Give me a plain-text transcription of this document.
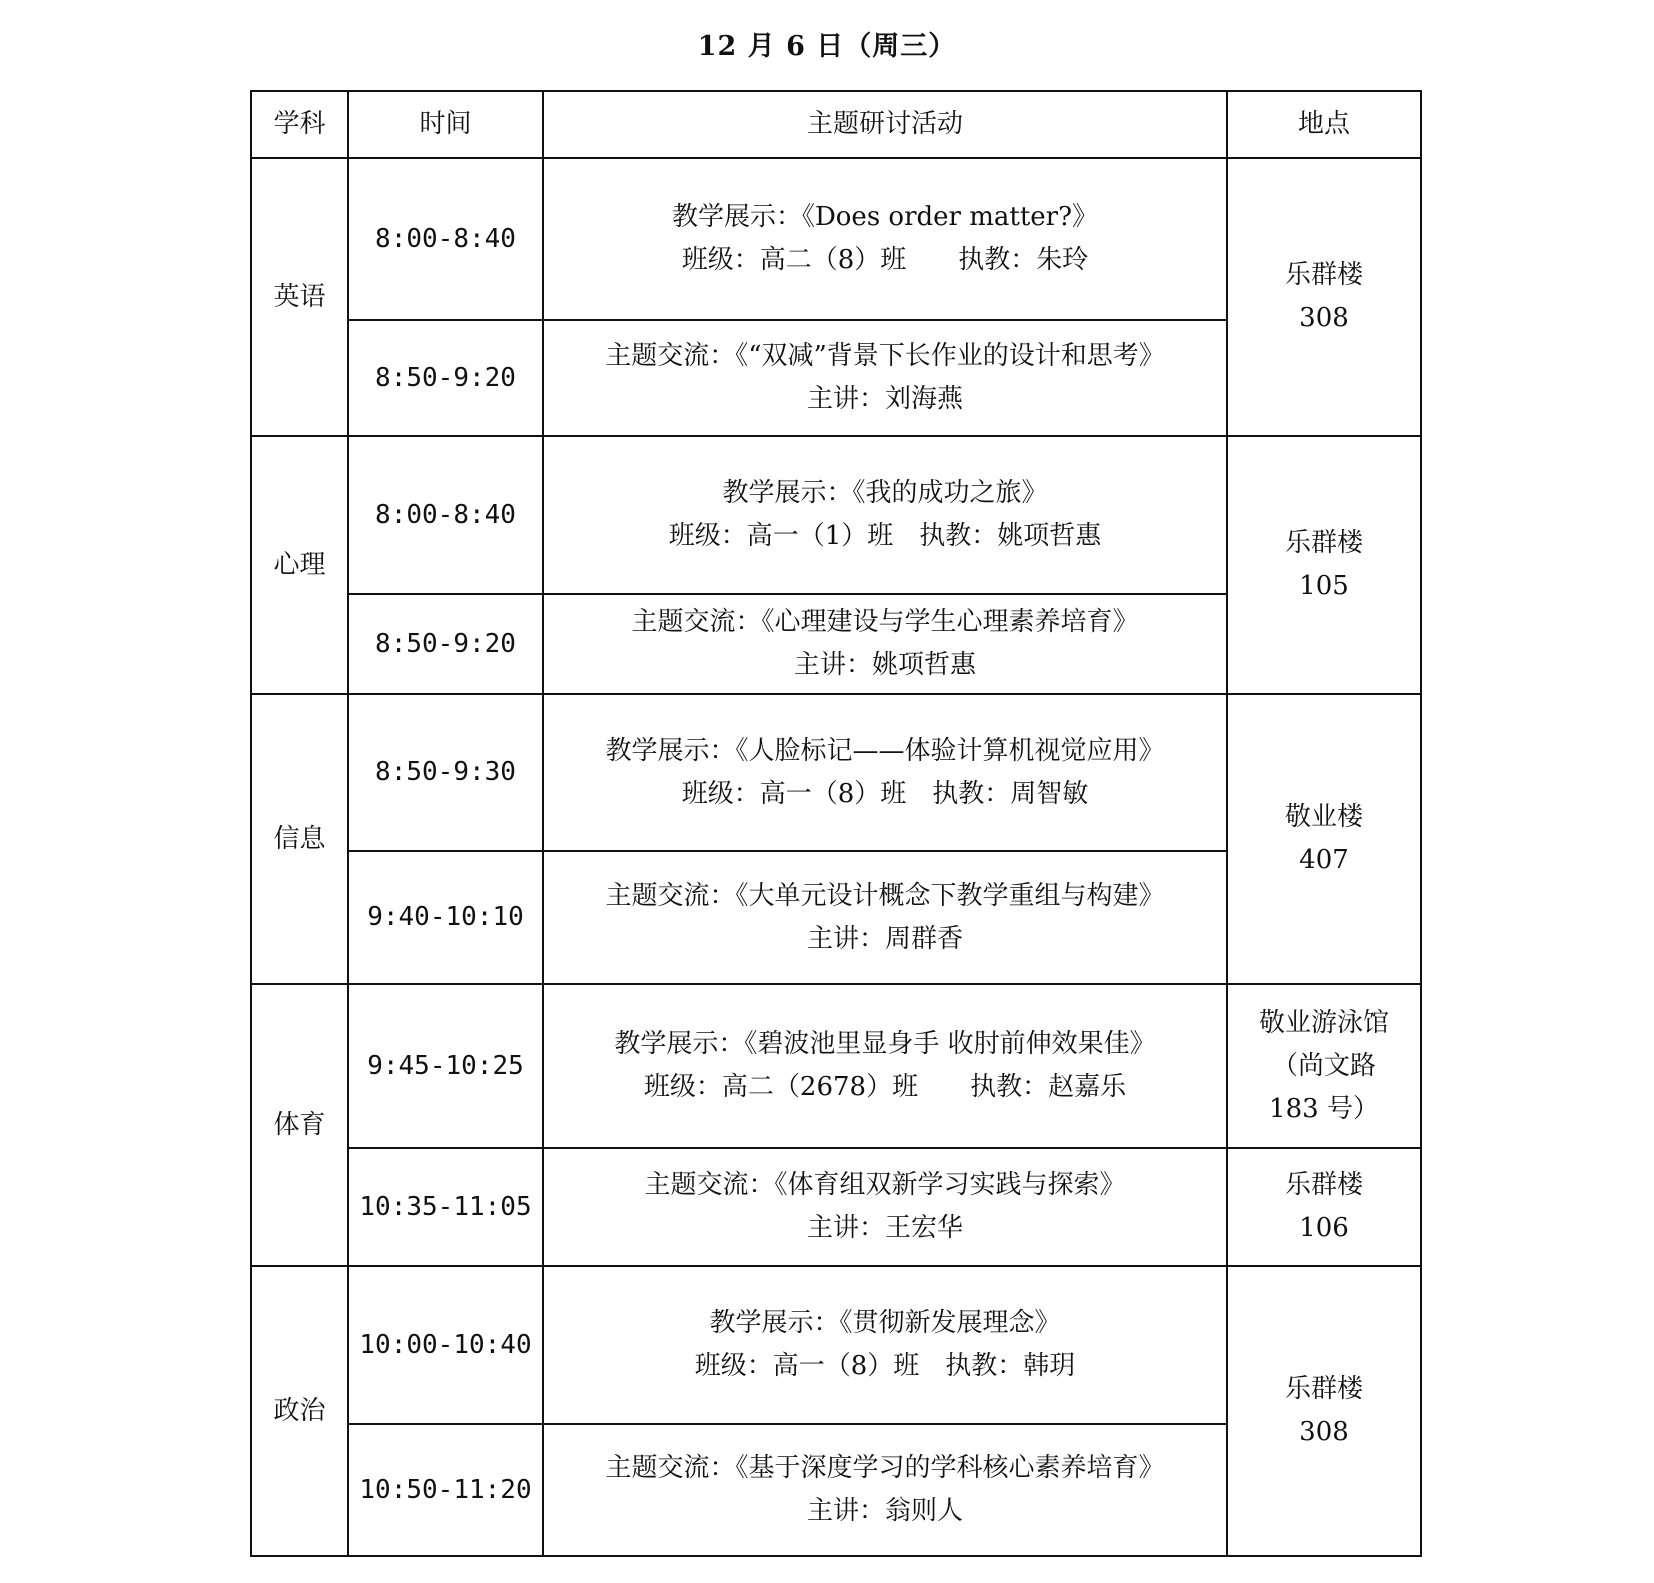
12 月 6 日（周三）
学科	时间	主题研讨活动	地点
英语	8:00-8:40	教学展示：《Does order matter?》
班级：高二（8）班　　执教：朱玲	乐群楼
308

	8:50-9:20	主题交流：《“双减”背景下长作业的设计和思考》
主讲：刘海燕	

心理	8:00-8:40	教学展示：《我的成功之旅》
班级：高一（1）班　执教：姚项哲惠	乐群楼
105

	8:50-9:20	主题交流：《心理建设与学生心理素养培育》
主讲：姚项哲惠	

信息	8:50-9:30	教学展示：《人脸标记——体验计算机视觉应用》
班级：高一（8）班　执教：周智敏	敬业楼
407

	9:40-10:10	主题交流：《大单元设计概念下教学重组与构建》
主讲：周群香	

体育	9:45-10:25	教学展示：《碧波池里显身手 收肘前伸效果佳》
班级：高二（2678）班　　执教：赵嘉乐	敬业游泳馆
（尚文路
183 号）

	10:35-11:05	主题交流：《体育组双新学习实践与探索》
主讲：王宏华	乐群楼
106

政治	10:00-10:40	教学展示：《贯彻新发展理念》
班级：高一（8）班　执教：韩玥	乐群楼
308

	10:50-11:20	主题交流：《基于深度学习的学科核心素养培育》
主讲：翁则人	
